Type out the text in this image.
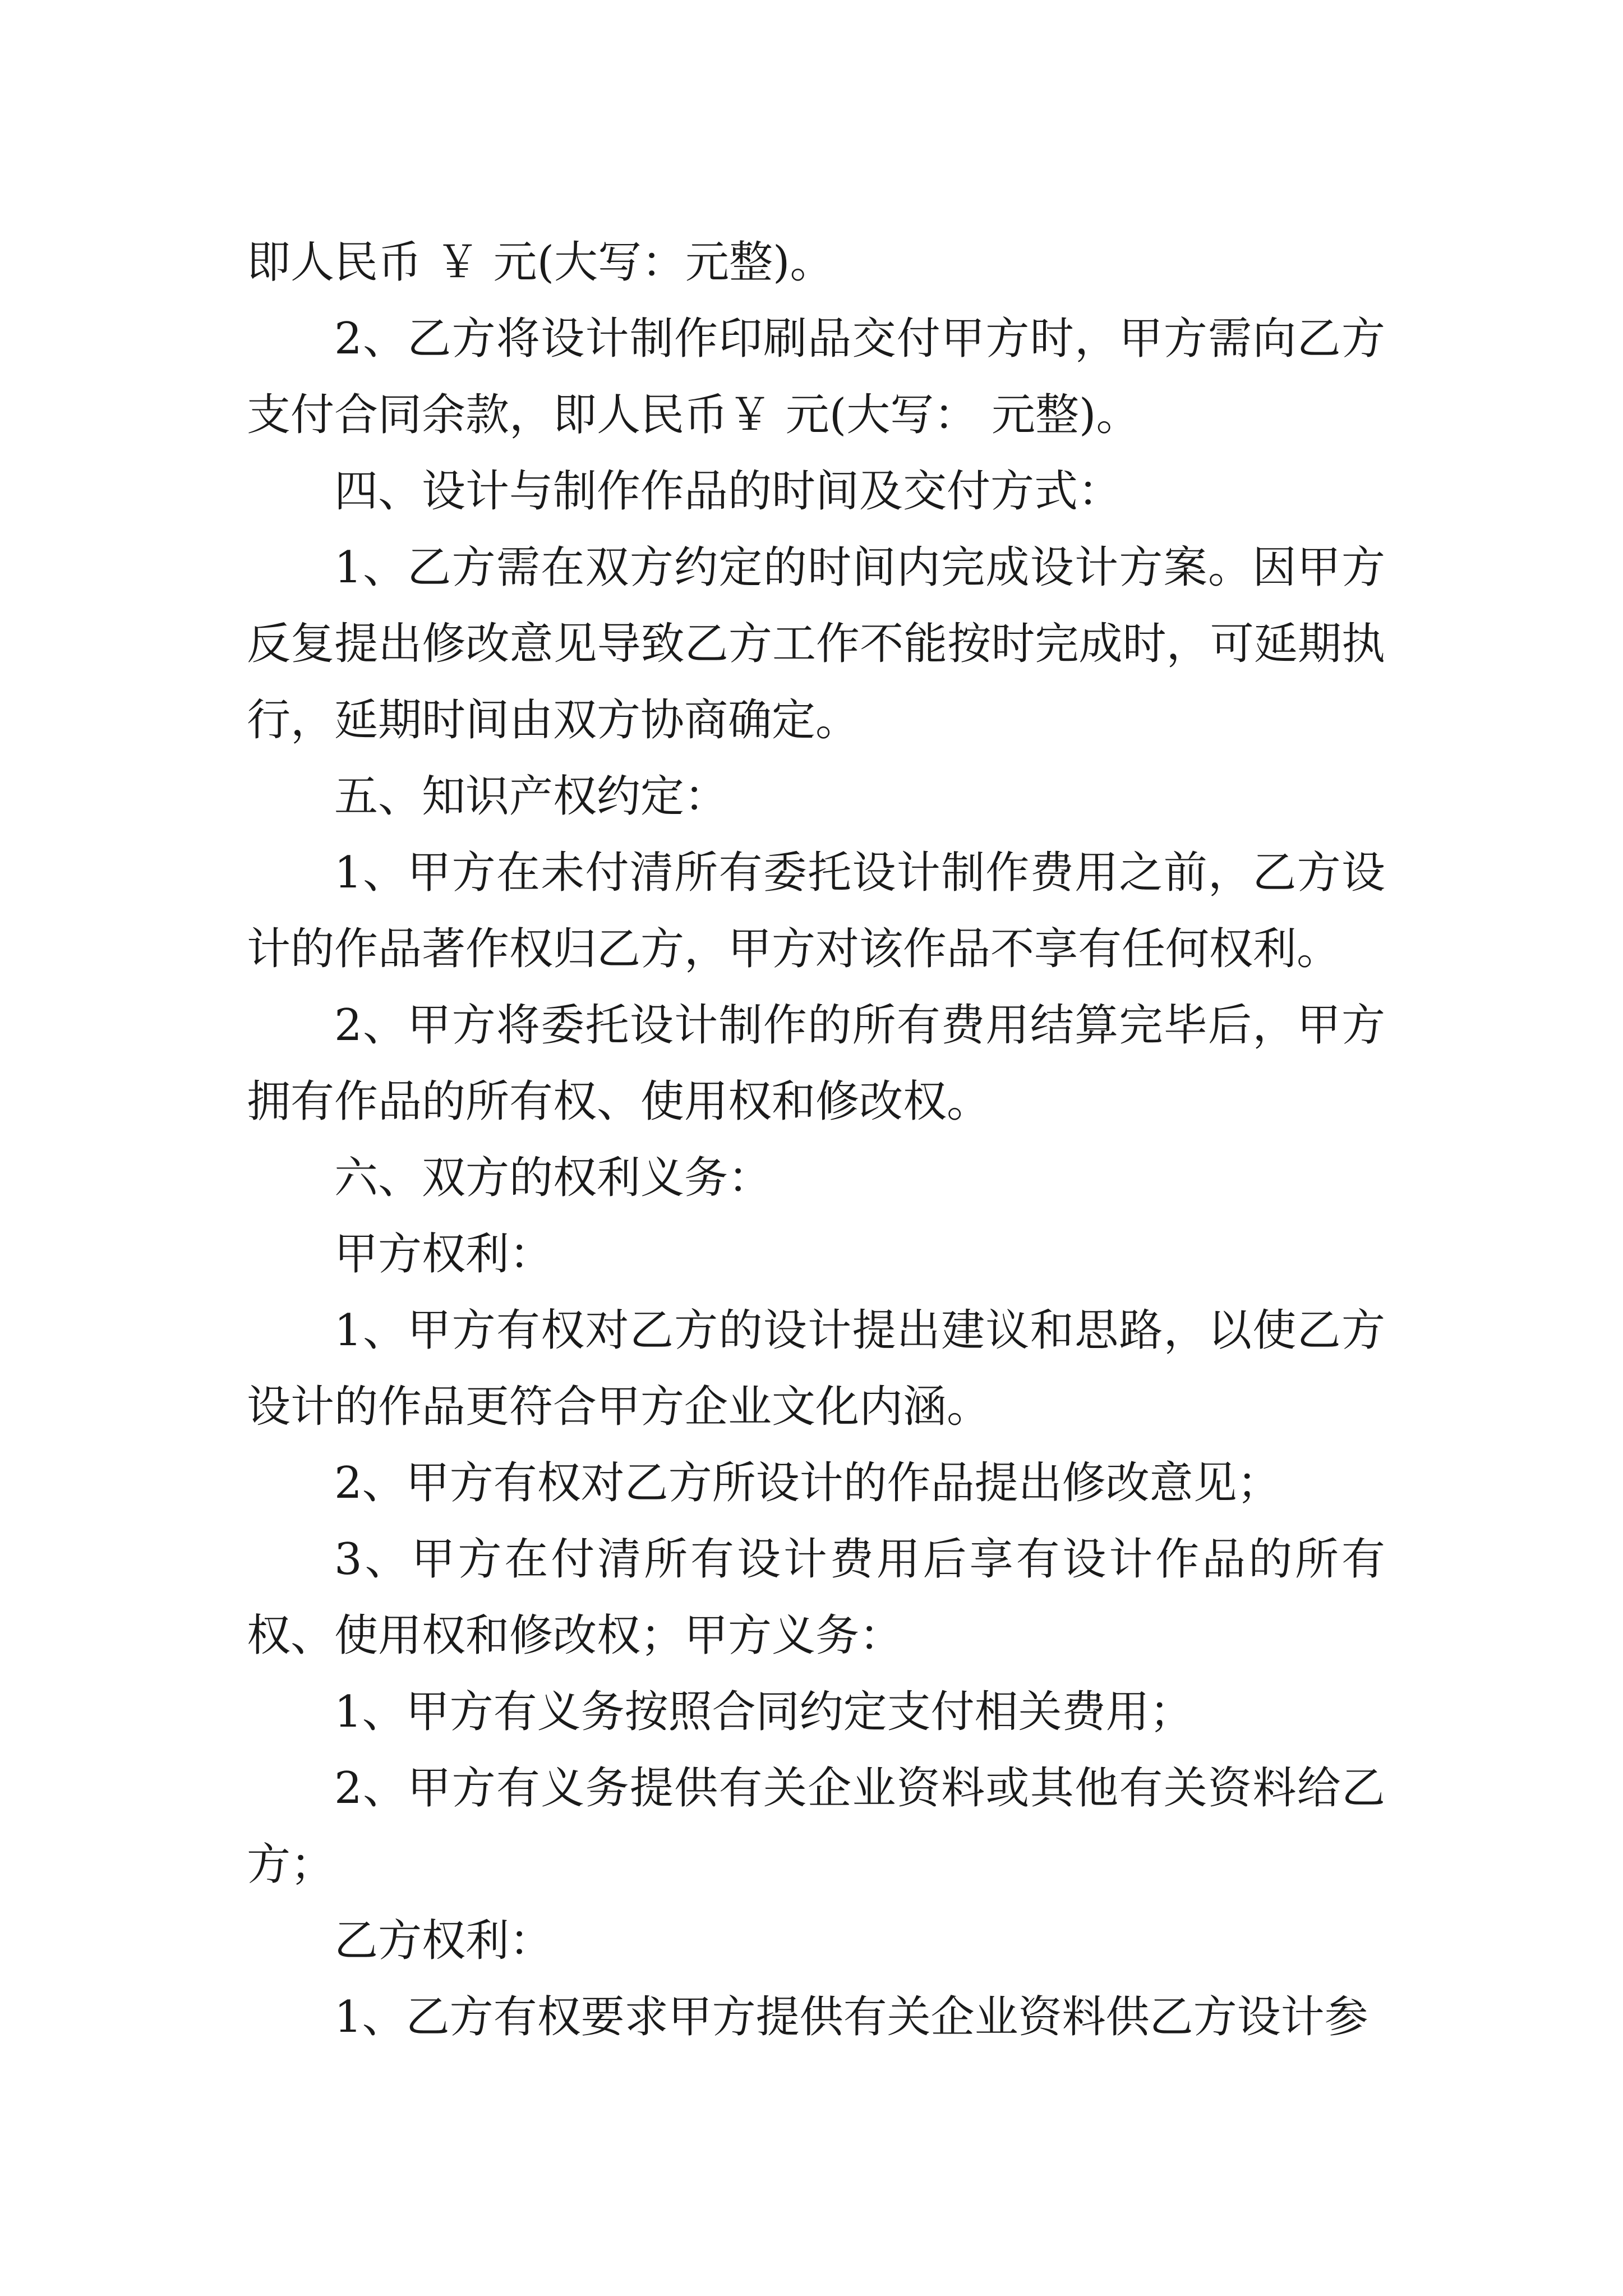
即人民币 ￥ 元(大写：元整)。

2、乙方将设计制作印刷品交付甲方时，甲方需向乙方支付合同余款，即人民币￥ 元(大写： 元整)。

四、设计与制作作品的时间及交付方式：

1、乙方需在双方约定的时间内完成设计方案。因甲方反复提出修改意见导致乙方工作不能按时完成时，可延期执行，延期时间由双方协商确定。

五、知识产权约定：

1、甲方在未付清所有委托设计制作费用之前，乙方设计的作品著作权归乙方，甲方对该作品不享有任何权利。

2、甲方将委托设计制作的所有费用结算完毕后，甲方拥有作品的所有权、使用权和修改权。

六、双方的权利义务：

甲方权利：

1、甲方有权对乙方的设计提出建议和思路，以使乙方设计的作品更符合甲方企业文化内涵。

2、甲方有权对乙方所设计的作品提出修改意见；

3、甲方在付清所有设计费用后享有设计作品的所有权、使用权和修改权；甲方义务：

1、甲方有义务按照合同约定支付相关费用；

2、甲方有义务提供有关企业资料或其他有关资料给乙方；

乙方权利：

1、乙方有权要求甲方提供有关企业资料供乙方设计参
